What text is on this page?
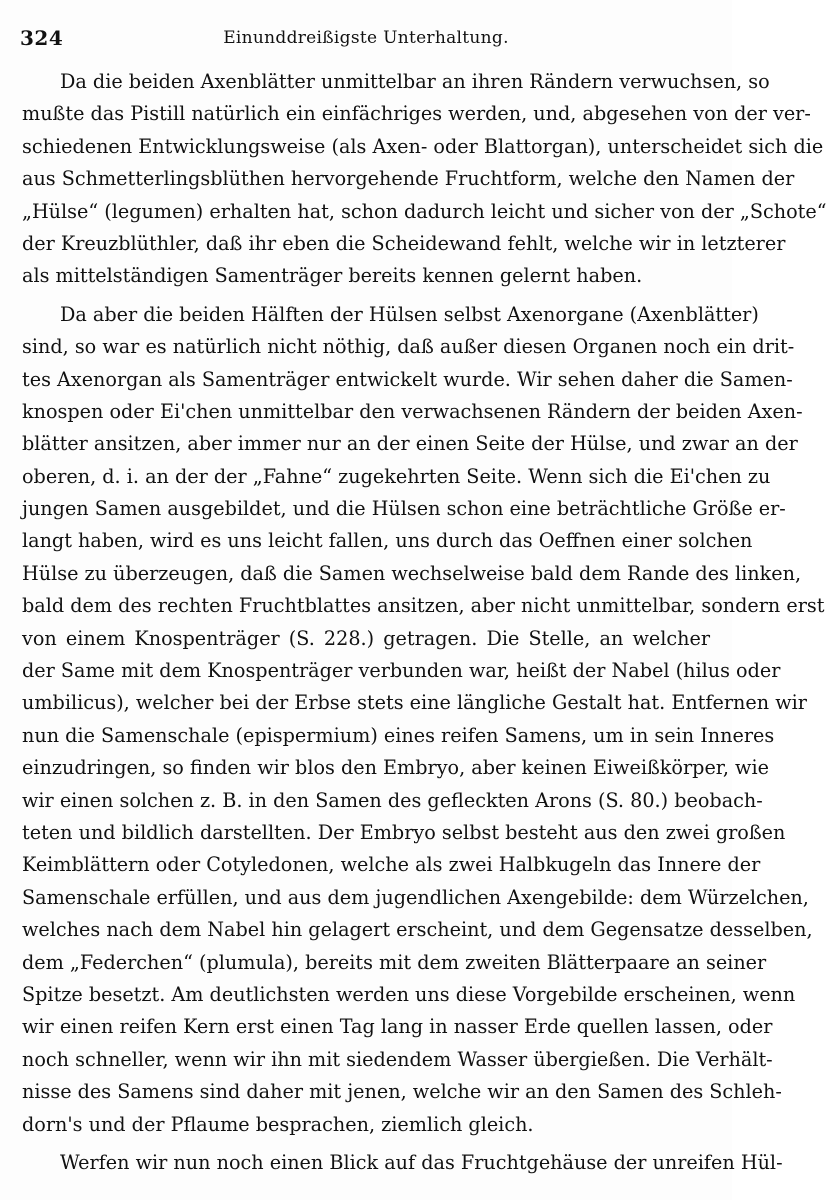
324	Einunddreißigste Unterhaltung.
Da die beiden Axenblätter unmittelbar an ihren Rändern verwuchsen, so
mußte das Pistill natürlich ein einfächriges werden, und, abgesehen von der ver-
schiedenen Entwicklungsweise (als Axen- oder Blattorgan), unterscheidet sich die
aus Schmetterlingsblüthen hervorgehende Fruchtform, welche den Namen der
„Hülse“ (legumen) erhalten hat, schon dadurch leicht und sicher von der „Schote“
der Kreuzblüthler, daß ihr eben die Scheidewand fehlt, welche wir in letzterer
als mittelständigen Samenträger bereits kennen gelernt haben.
Da aber die beiden Hälften der Hülsen selbst Axenorgane (Axenblätter)
sind, so war es natürlich nicht nöthig, daß außer diesen Organen noch ein drit-
tes Axenorgan als Samenträger entwickelt wurde. Wir sehen daher die Samen-
knospen oder Ei'chen unmittelbar den verwachsenen Rändern der beiden Axen-
blätter ansitzen, aber immer nur an der einen Seite der Hülse, und zwar an der
oberen, d. i. an der der „Fahne“ zugekehrten Seite. Wenn sich die Ei'chen zu
jungen Samen ausgebildet, und die Hülsen schon eine beträchtliche Größe er-
langt haben, wird es uns leicht fallen, uns durch das Oeffnen einer solchen
Hülse zu überzeugen, daß die Samen wechselweise bald dem Rande des linken,
bald dem des rechten Fruchtblattes ansitzen, aber nicht unmittelbar, sondern erst
von einem Knospenträger (S. 228.) getragen. Die Stelle, an welcher
der Same mit dem Knospenträger verbunden war, heißt der Nabel (hilus oder
umbilicus), welcher bei der Erbse stets eine längliche Gestalt hat. Entfernen wir
nun die Samenschale (epispermium) eines reifen Samens, um in sein Inneres
einzudringen, so finden wir blos den Embryo, aber keinen Eiweißkörper, wie
wir einen solchen z. B. in den Samen des gefleckten Arons (S. 80.) beobach-
teten und bildlich darstellten. Der Embryo selbst besteht aus den zwei großen
Keimblättern oder Cotyledonen, welche als zwei Halbkugeln das Innere der
Samenschale erfüllen, und aus dem jugendlichen Axengebilde: dem Würzelchen,
welches nach dem Nabel hin gelagert erscheint, und dem Gegensatze desselben,
dem „Federchen“ (plumula), bereits mit dem zweiten Blätterpaare an seiner
Spitze besetzt. Am deutlichsten werden uns diese Vorgebilde erscheinen, wenn
wir einen reifen Kern erst einen Tag lang in nasser Erde quellen lassen, oder
noch schneller, wenn wir ihn mit siedendem Wasser übergießen. Die Verhält-
nisse des Samens sind daher mit jenen, welche wir an den Samen des Schleh-
dorn's und der Pflaume besprachen, ziemlich gleich.
Werfen wir nun noch einen Blick auf das Fruchtgehäuse der unreifen Hül-
